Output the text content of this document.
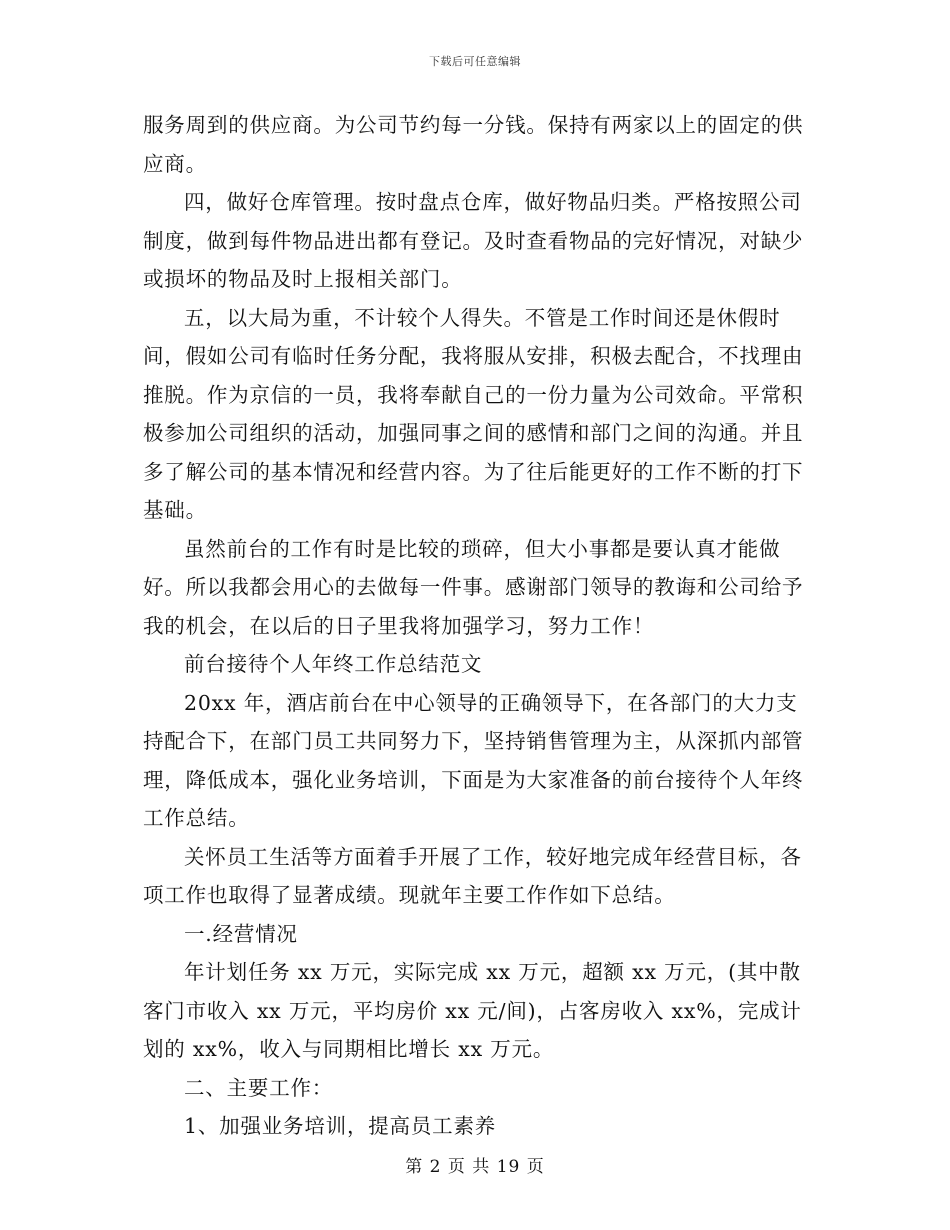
下载后可任意编辑

服务周到的供应商。为公司节约每一分钱。保持有两家以上的固定的供应商。

四，做好仓库管理。按时盘点仓库，做好物品归类。严格按照公司制度，做到每件物品进出都有登记。及时查看物品的完好情况，对缺少或损坏的物品及时上报相关部门。

五，以大局为重，不计较个人得失。不管是工作时间还是休假时间，假如公司有临时任务分配，我将服从安排，积极去配合，不找理由推脱。作为京信的一员，我将奉献自己的一份力量为公司效命。平常积极参加公司组织的活动，加强同事之间的感情和部门之间的沟通。并且多了解公司的基本情况和经营内容。为了往后能更好的工作不断的打下基础。

虽然前台的工作有时是比较的琐碎，但大小事都是要认真才能做好。所以我都会用心的去做每一件事。感谢部门领导的教诲和公司给予我的机会，在以后的日子里我将加强学习，努力工作！

前台接待个人年终工作总结范文

20xx 年，酒店前台在中心领导的正确领导下，在各部门的大力支持配合下，在部门员工共同努力下，坚持销售管理为主，从深抓内部管理，降低成本，强化业务培训，下面是为大家准备的前台接待个人年终工作总结。

关怀员工生活等方面着手开展了工作，较好地完成年经营目标，各项工作也取得了显著成绩。现就年主要工作作如下总结。

一.经营情况

年计划任务 xx 万元，实际完成 xx 万元，超额 xx 万元，(其中散客门市收入 xx 万元，平均房价 xx 元/间)，占客房收入 xx%，完成计划的 xx%，收入与同期相比增长 xx 万元。

二、主要工作：

1、加强业务培训，提高员工素养

第 2 页 共 19 页
